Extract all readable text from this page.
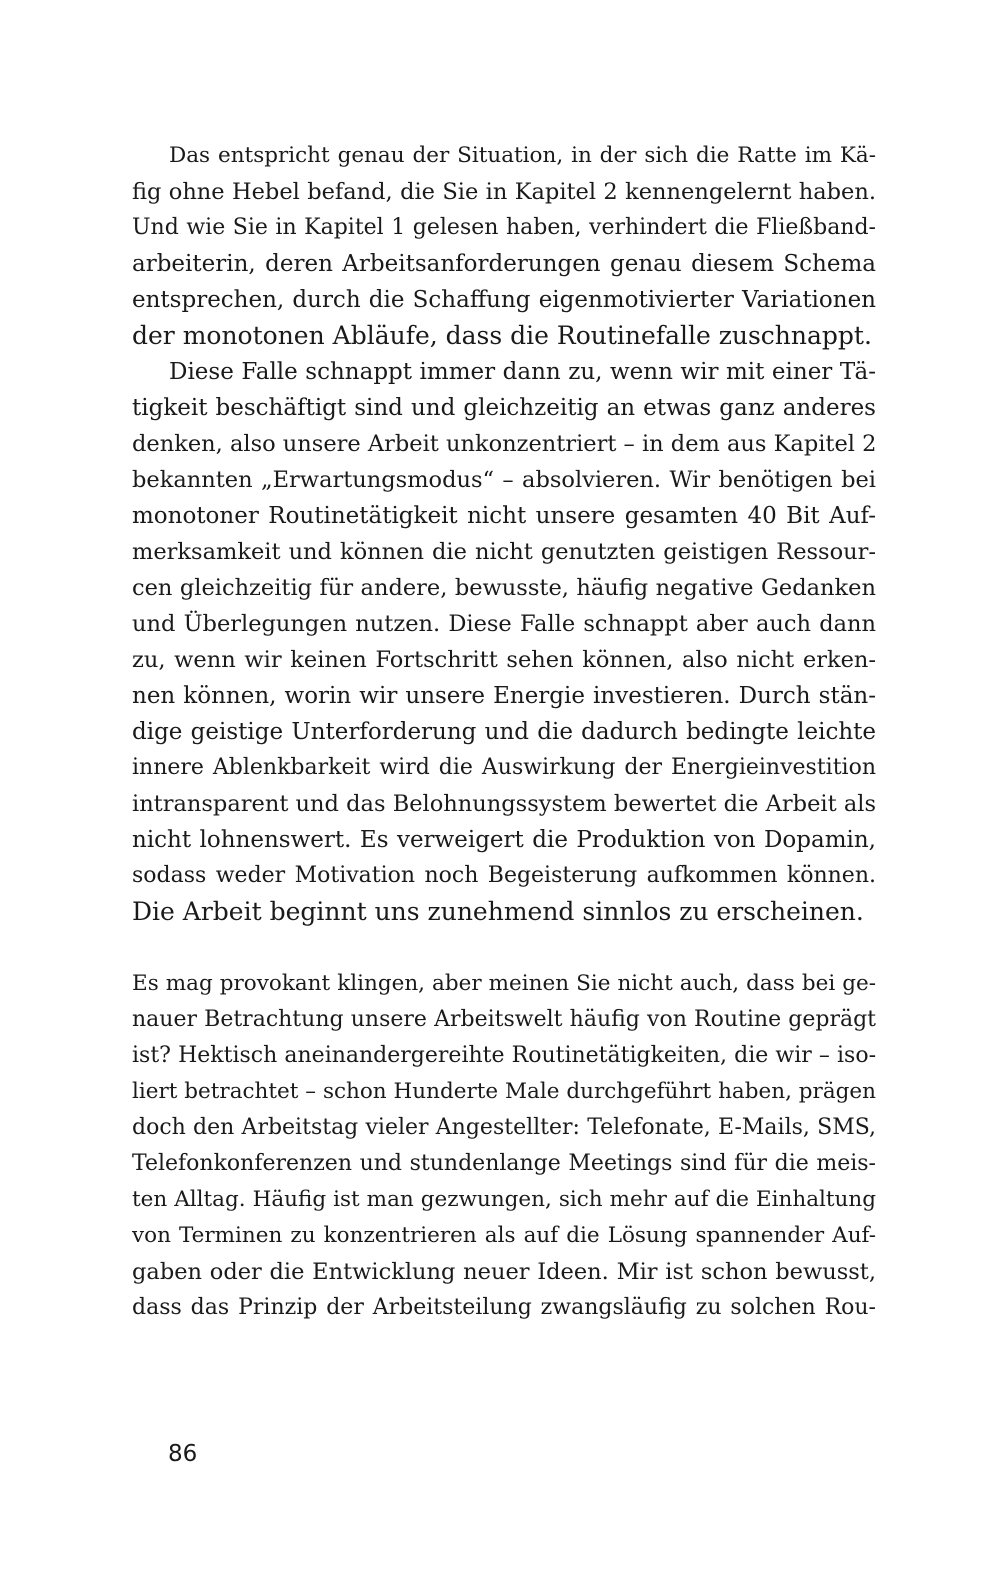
Das entspricht genau der Situation, in der sich die Ratte im Kä-
fig ohne Hebel befand, die Sie in Kapitel 2 kennengelernt haben.
Und wie Sie in Kapitel 1 gelesen haben, verhindert die Fließband-
arbeiterin, deren Arbeitsanforderungen genau diesem Schema
entsprechen, durch die Schaffung eigenmotivierter Variationen
der monotonen Abläufe, dass die Routinefalle zuschnappt.
Diese Falle schnappt immer dann zu, wenn wir mit einer Tä-
tigkeit beschäftigt sind und gleichzeitig an etwas ganz anderes
denken, also unsere Arbeit unkonzentriert – in dem aus Kapitel 2
bekannten „Erwartungsmodus“ – absolvieren. Wir benötigen bei
monotoner Routinetätigkeit nicht unsere gesamten 40 Bit Auf-
merksamkeit und können die nicht genutzten geistigen Ressour-
cen gleichzeitig für andere, bewusste, häufig negative Gedanken
und Überlegungen nutzen. Diese Falle schnappt aber auch dann
zu, wenn wir keinen Fortschritt sehen können, also nicht erken-
nen können, worin wir unsere Energie investieren. Durch stän-
dige geistige Unterforderung und die dadurch bedingte leichte
innere Ablenkbarkeit wird die Auswirkung der Energieinvestition
intransparent und das Belohnungssystem bewertet die Arbeit als
nicht lohnenswert. Es verweigert die Produktion von Dopamin,
sodass weder Motivation noch Begeisterung aufkommen können.
Die Arbeit beginnt uns zunehmend sinnlos zu erscheinen.
Es mag provokant klingen, aber meinen Sie nicht auch, dass bei ge-
nauer Betrachtung unsere Arbeitswelt häufig von Routine geprägt
ist? Hektisch aneinandergereihte Routinetätigkeiten, die wir – iso-
liert betrachtet – schon Hunderte Male durchgeführt haben, prägen
doch den Arbeitstag vieler Angestellter: Telefonate, E-Mails, SMS,
Telefonkonferenzen und stundenlange Meetings sind für die meis-
ten Alltag. Häufig ist man gezwungen, sich mehr auf die Einhaltung
von Terminen zu konzentrieren als auf die Lösung spannender Auf-
gaben oder die Entwicklung neuer Ideen. Mir ist schon bewusst,
dass das Prinzip der Arbeitsteilung zwangsläufig zu solchen Rou-
86
